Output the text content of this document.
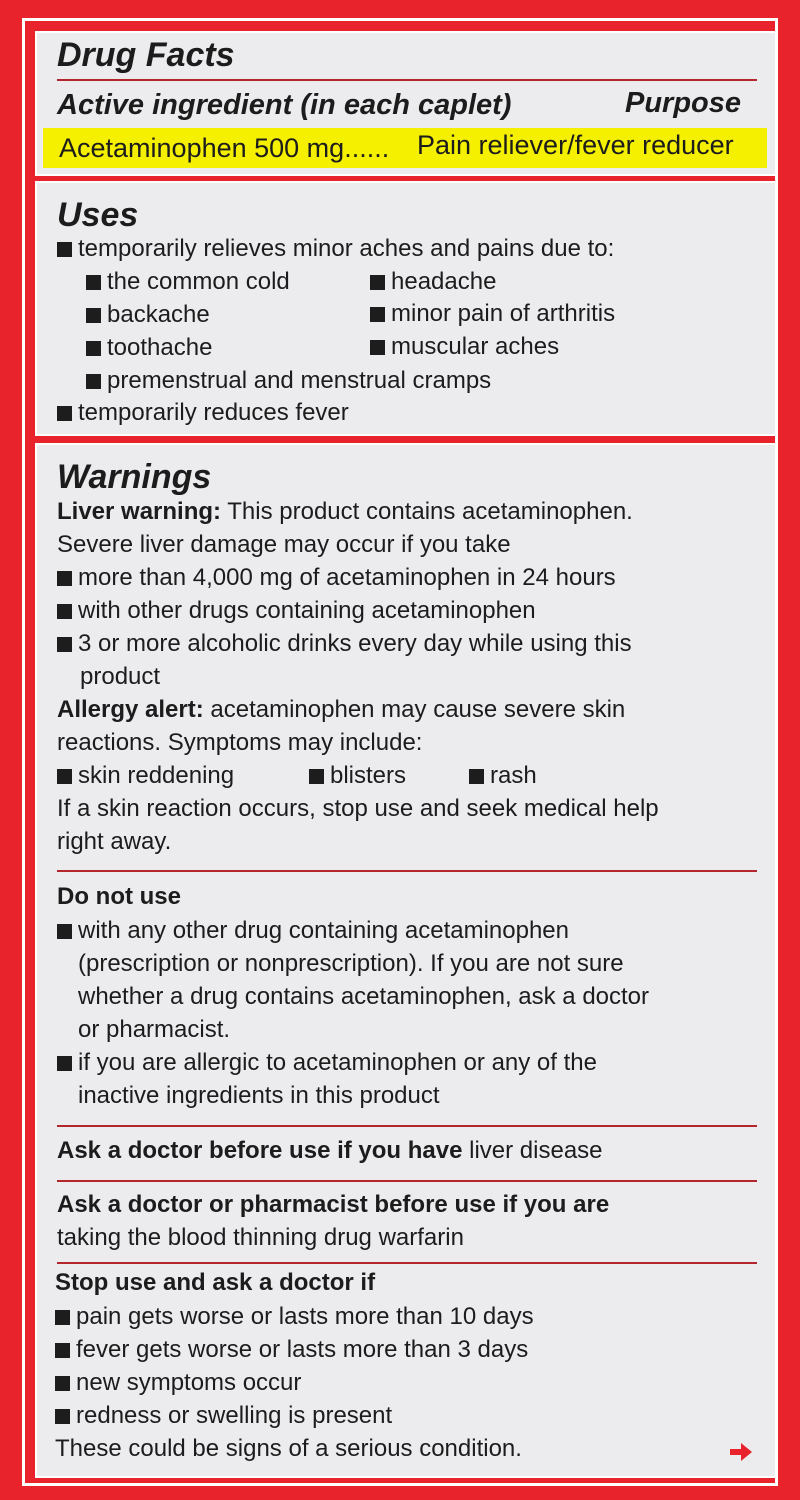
Drug Facts
Active ingredient (in each caplet)	Purpose
Acetaminophen 500 mg...... Pain reliever/fever reducer
Uses
temporarily relieves minor aches and pains due to:
the common cold	headache
backache	minor pain of arthritis
toothache	muscular aches
premenstrual and menstrual cramps
temporarily reduces fever
Warnings
Liver warning: This product contains acetaminophen.
Severe liver damage may occur if you take
more than 4,000 mg of acetaminophen in 24 hours
with other drugs containing acetaminophen
3 or more alcoholic drinks every day while using this
product
Allergy alert: acetaminophen may cause severe skin
reactions. Symptoms may include:
skin reddening	blisters	rash
If a skin reaction occurs, stop use and seek medical help
right away.
Do not use
with any other drug containing acetaminophen
(prescription or nonprescription). If you are not sure
whether a drug contains acetaminophen, ask a doctor
or pharmacist.
if you are allergic to acetaminophen or any of the
inactive ingredients in this product
Ask a doctor before use if you have liver disease
Ask a doctor or pharmacist before use if you are
taking the blood thinning drug warfarin
Stop use and ask a doctor if
pain gets worse or lasts more than 10 days
fever gets worse or lasts more than 3 days
new symptoms occur
redness or swelling is present
These could be signs of a serious condition.
